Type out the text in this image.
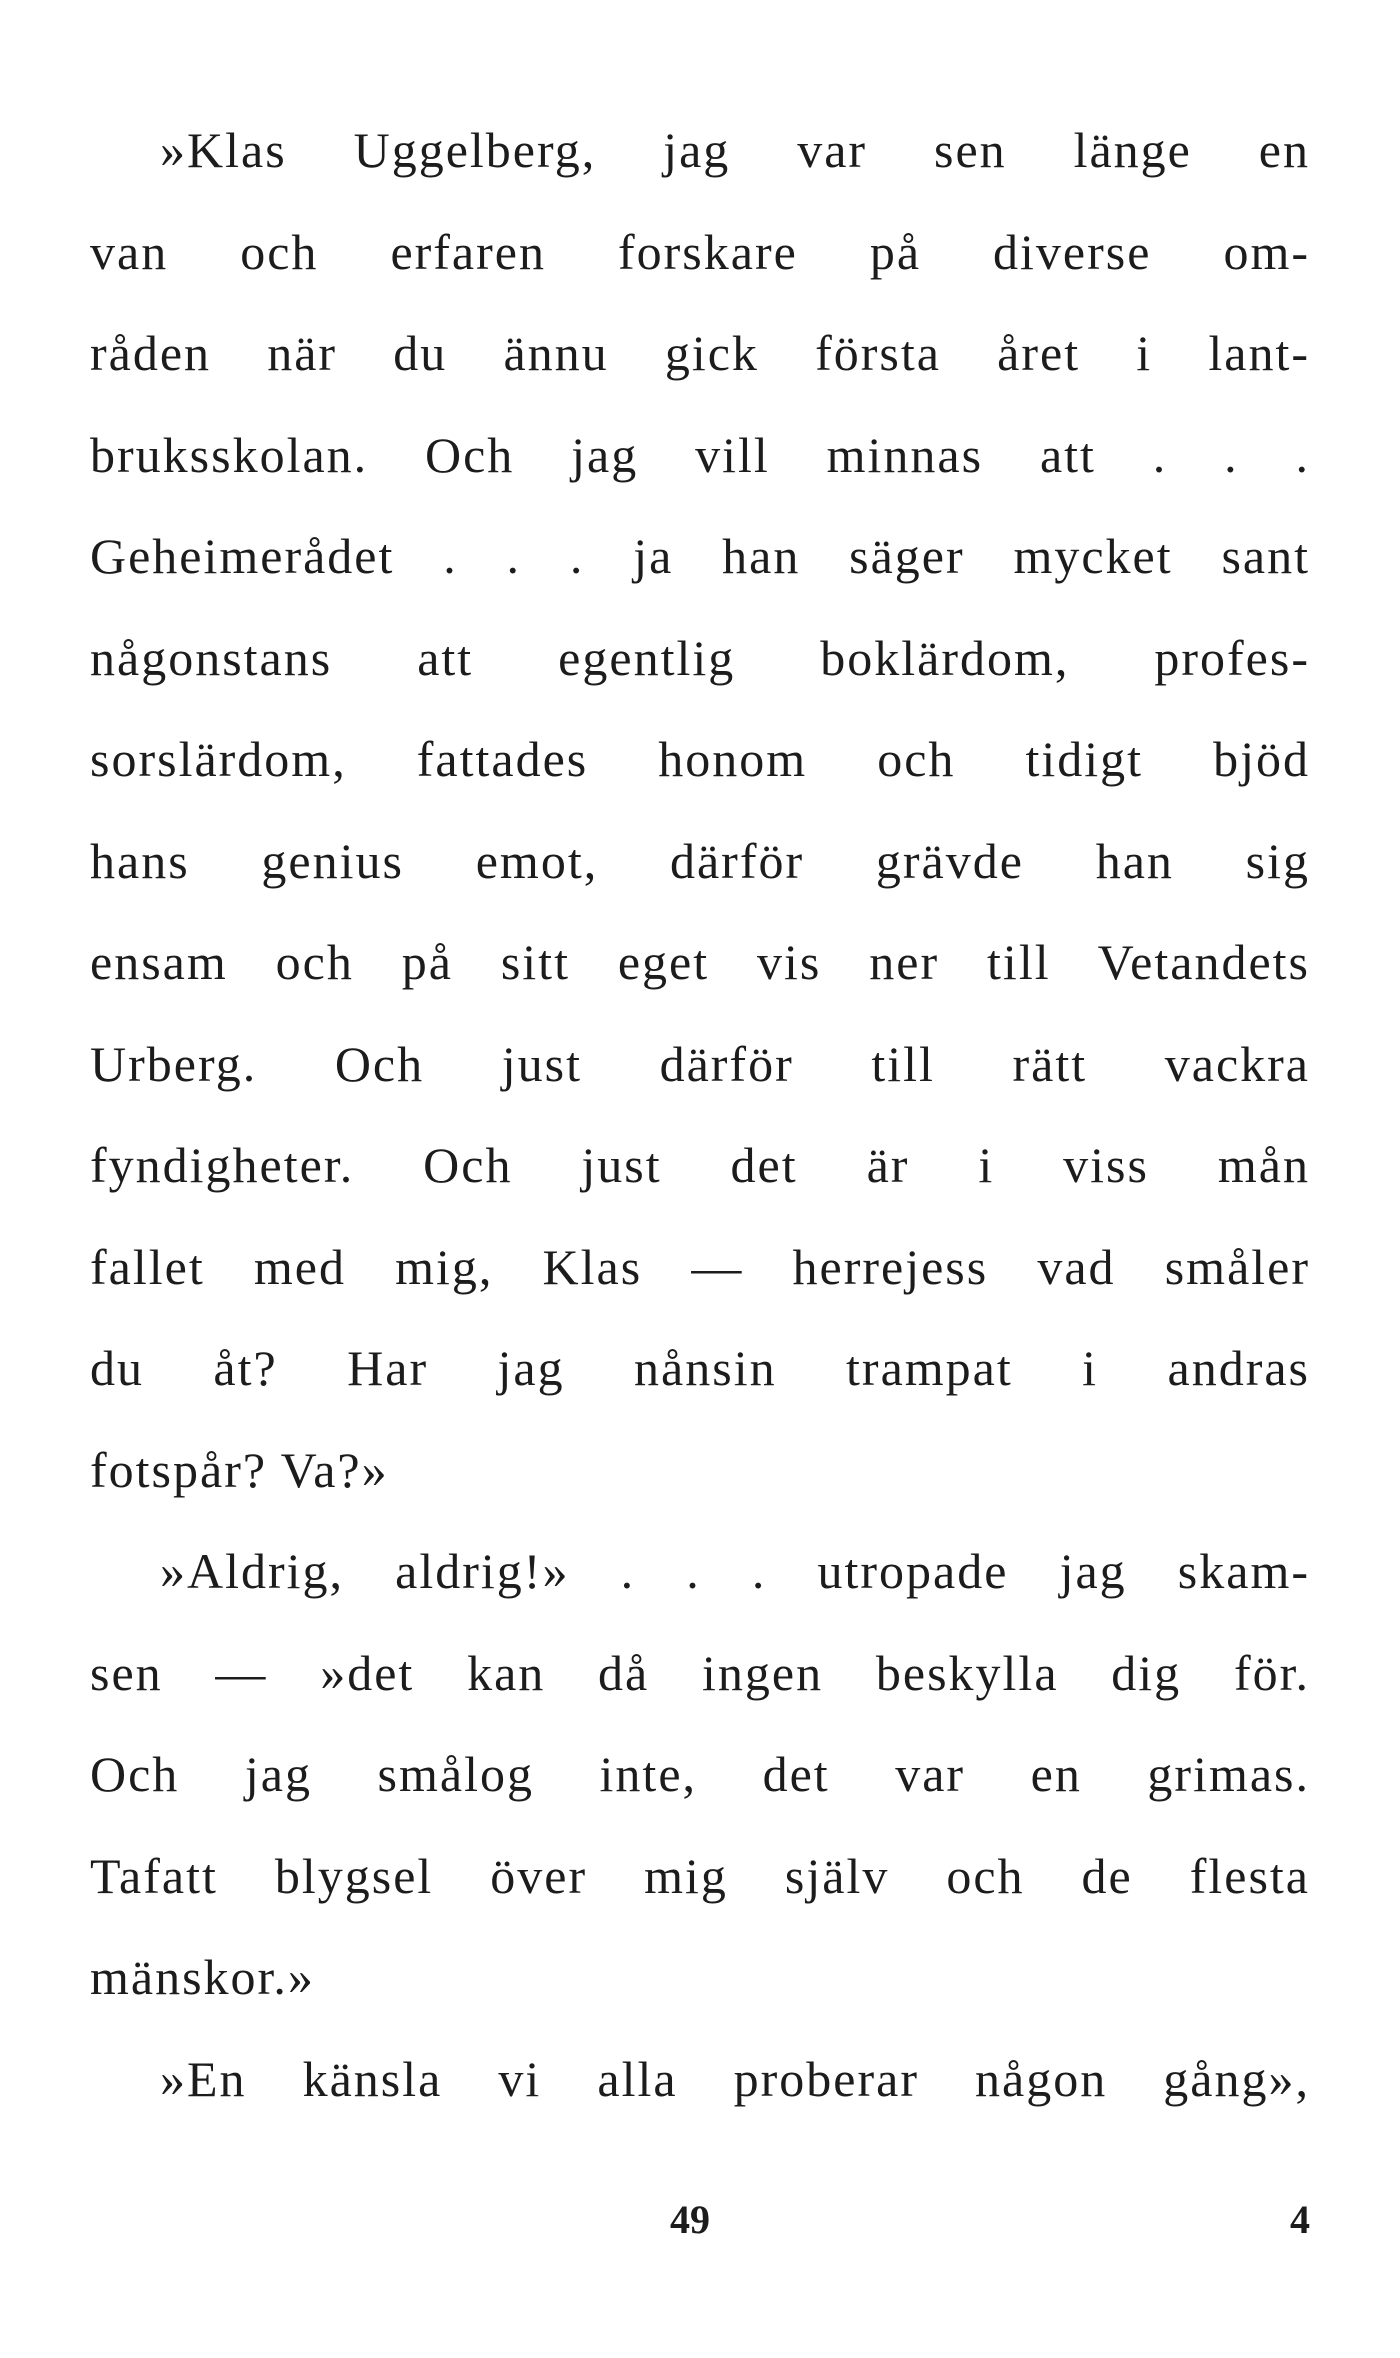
»Klas Uggelberg, jag var sen länge en
van och erfaren forskare på diverse om-
råden när du ännu gick första året i lant-
bruksskolan. Och jag vill minnas att . . .
Geheimerådet . . . ja han säger mycket sant
någonstans att egentlig boklärdom, profes-
sorslärdom, fattades honom och tidigt bjöd
hans genius emot, därför grävde han sig
ensam och på sitt eget vis ner till Vetandets
Urberg. Och just därför till rätt vackra
fyndigheter. Och just det är i viss mån
fallet med mig, Klas — herrejess vad småler
du åt? Har jag nånsin trampat i andras
fotspår? Va?»
»Aldrig, aldrig!» . . . utropade jag skam-
sen — »det kan då ingen beskylla dig för.
Och jag smålog inte, det var en grimas.
Tafatt blygsel över mig själv och de flesta
mänskor.»
»En känsla vi alla proberar någon gång»,
49	4
